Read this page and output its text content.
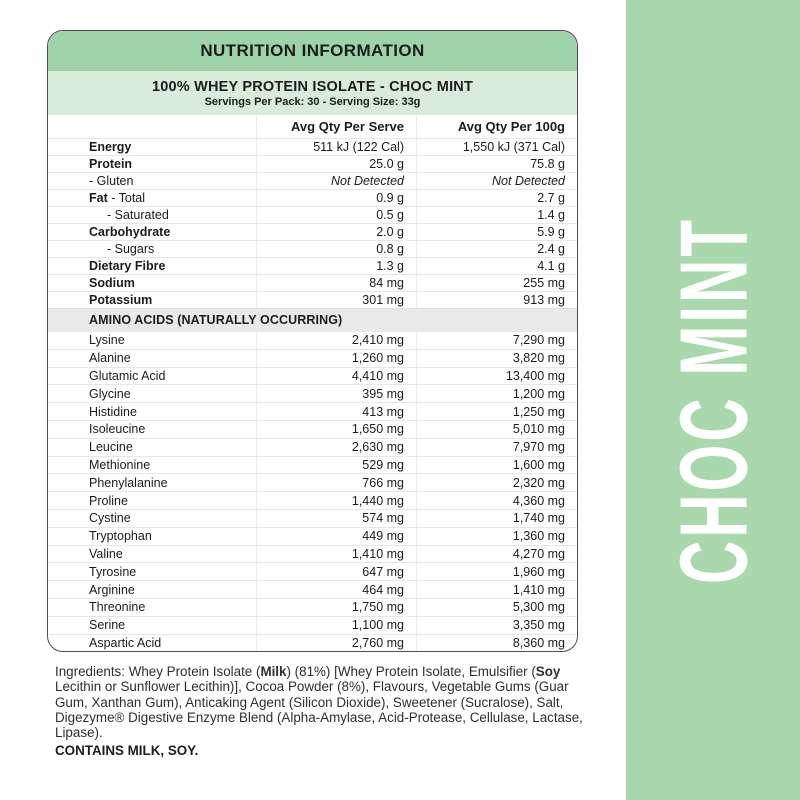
NUTRITION INFORMATION
100% WHEY PROTEIN ISOLATE - CHOC MINT
Servings Per Pack: 30 - Serving Size: 33g
Avg Qty Per Serve	Avg Qty Per 100g
Energy	511 kJ (122 Cal)	1,550 kJ (371 Cal)
Protein	25.0 g	75.8 g
- Gluten	Not Detected	Not Detected
Fat - Total	0.9 g	2.7 g
- Saturated	0.5 g	1.4 g
Carbohydrate	2.0 g	5.9 g
- Sugars	0.8 g	2.4 g
Dietary Fibre	1.3 g	4.1 g
Sodium	84 mg	255 mg
Potassium	301 mg	913 mg
AMINO ACIDS (NATURALLY OCCURRING)
Lysine	2,410 mg	7,290 mg
Alanine	1,260 mg	3,820 mg
Glutamic Acid	4,410 mg	13,400 mg
Glycine	395 mg	1,200 mg
Histidine	413 mg	1,250 mg
Isoleucine	1,650 mg	5,010 mg
Leucine	2,630 mg	7,970 mg
Methionine	529 mg	1,600 mg
Phenylalanine	766 mg	2,320 mg
Proline	1,440 mg	4,360 mg
Cystine	574 mg	1,740 mg
Tryptophan	449 mg	1,360 mg
Valine	1,410 mg	4,270 mg
Tyrosine	647 mg	1,960 mg
Arginine	464 mg	1,410 mg
Threonine	1,750 mg	5,300 mg
Serine	1,100 mg	3,350 mg
Aspartic Acid	2,760 mg	8,360 mg
Ingredients: Whey Protein Isolate (Milk) (81%) [Whey Protein Isolate, Emulsifier (Soy Lecithin or Sunflower Lecithin)], Cocoa Powder (8%), Flavours, Vegetable Gums (Guar Gum, Xanthan Gum), Anticaking Agent (Silicon Dioxide), Sweetener (Sucralose), Salt, Digezyme® Digestive Enzyme Blend (Alpha-Amylase, Acid-Protease, Cellulase, Lactase, Lipase).
CONTAINS MILK, SOY.
CHOC MINT
